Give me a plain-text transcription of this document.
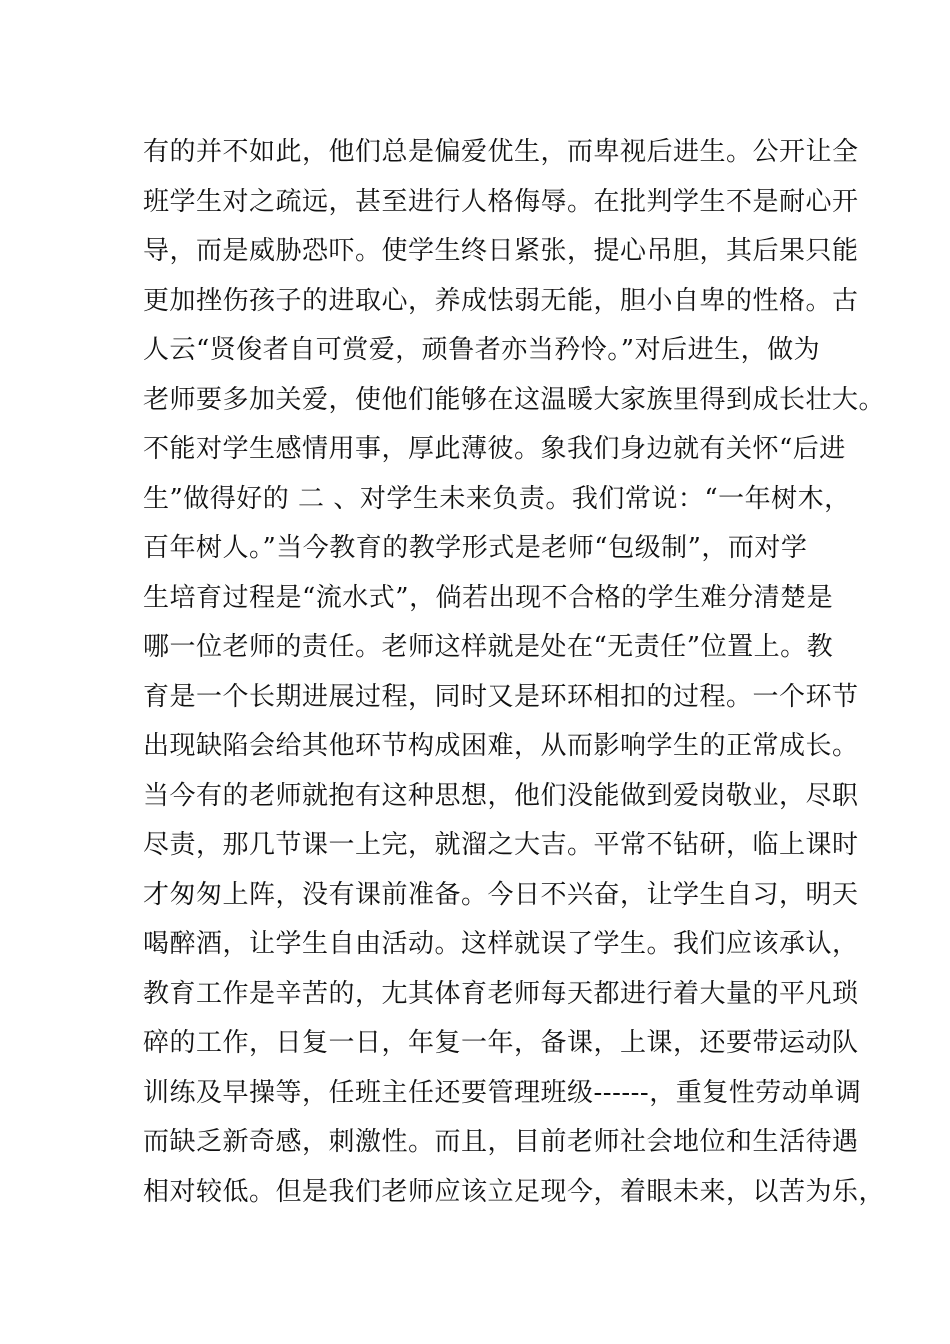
有的并不如此，他们总是偏爱优生，而卑视后进生。公开让全
班学生对之疏远，甚至进行人格侮辱。在批判学生不是耐心开
导，而是威胁恐吓。使学生终日紧张，提心吊胆，其后果只能
更加挫伤孩子的进取心，养成怯弱无能，胆小自卑的性格。古
人云“贤俊者自可赏爱，顽鲁者亦当矜怜。”对后进生，做为
老师要多加关爱，使他们能够在这温暖大家族里得到成长壮大。
不能对学生感情用事，厚此薄彼。象我们身边就有关怀“后进
生”做得好的 二 、对学生未来负责。我们常说：“一年树木，
百年树人。”当今教育的教学形式是老师“包级制”，而对学
生培育过程是“流水式”，倘若出现不合格的学生难分清楚是
哪一位老师的责任。老师这样就是处在“无责任”位置上。教
育是一个长期进展过程，同时又是环环相扣的过程。一个环节
出现缺陷会给其他环节构成困难，从而影响学生的正常成长。
当今有的老师就抱有这种思想，他们没能做到爱岗敬业，尽职
尽责，那几节课一上完，就溜之大吉。平常不钻研，临上课时
才匆匆上阵，没有课前准备。今日不兴奋，让学生自习，明天
喝醉酒，让学生自由活动。这样就误了学生。我们应该承认，
教育工作是辛苦的，尢其体育老师每天都进行着大量的平凡琐
碎的工作，日复一日，年复一年，备课，上课，还要带运动队
训练及早操等，任班主任还要管理班级------，重复性劳动单调
而缺乏新奇感，刺激性。而且，目前老师社会地位和生活待遇
相对较低。但是我们老师应该立足现今，着眼未来，以苦为乐，
